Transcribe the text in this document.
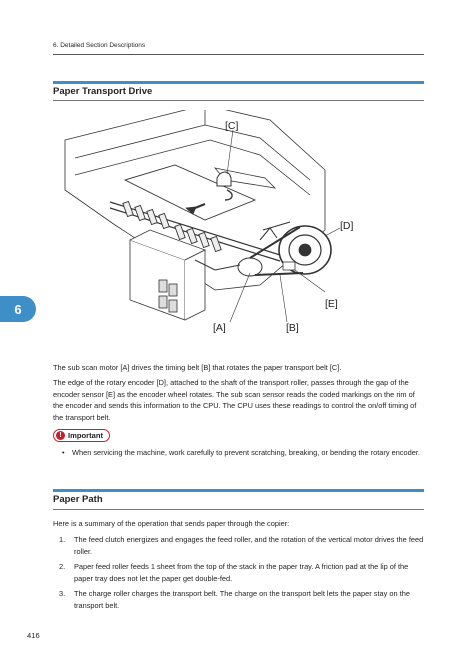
6. Detailed Section Descriptions
Paper Transport Drive
6
[C]
[D]
[E]
[A]	[B]

The sub scan motor [A] drives the timing belt [B] that rotates the paper transport belt [C].

The edge of the rotary encoder [D], attached to the shaft of the transport roller, passes through the gap of the encoder sensor [E] as the encoder wheel rotates. The sub scan sensor reads the coded markings on the rim of the encoder and sends this information to the CPU. The CPU uses these readings to control the on/off timing of the transport belt.

! Important
• When servicing the machine, work carefully to prevent scratching, breaking, or bending the rotary encoder.
Paper Path

Here is a summary of the operation that sends paper through the copier:

1. The feed clutch energizes and engages the feed roller, and the rotation of the vertical motor drives the feed roller.
2. Paper feed roller feeds 1 sheet from the top of the stack in the paper tray. A friction pad at the lip of the paper tray does not let the paper get double-fed.
3. The charge roller charges the transport belt. The charge on the transport belt lets the paper stay on the transport belt.
416
